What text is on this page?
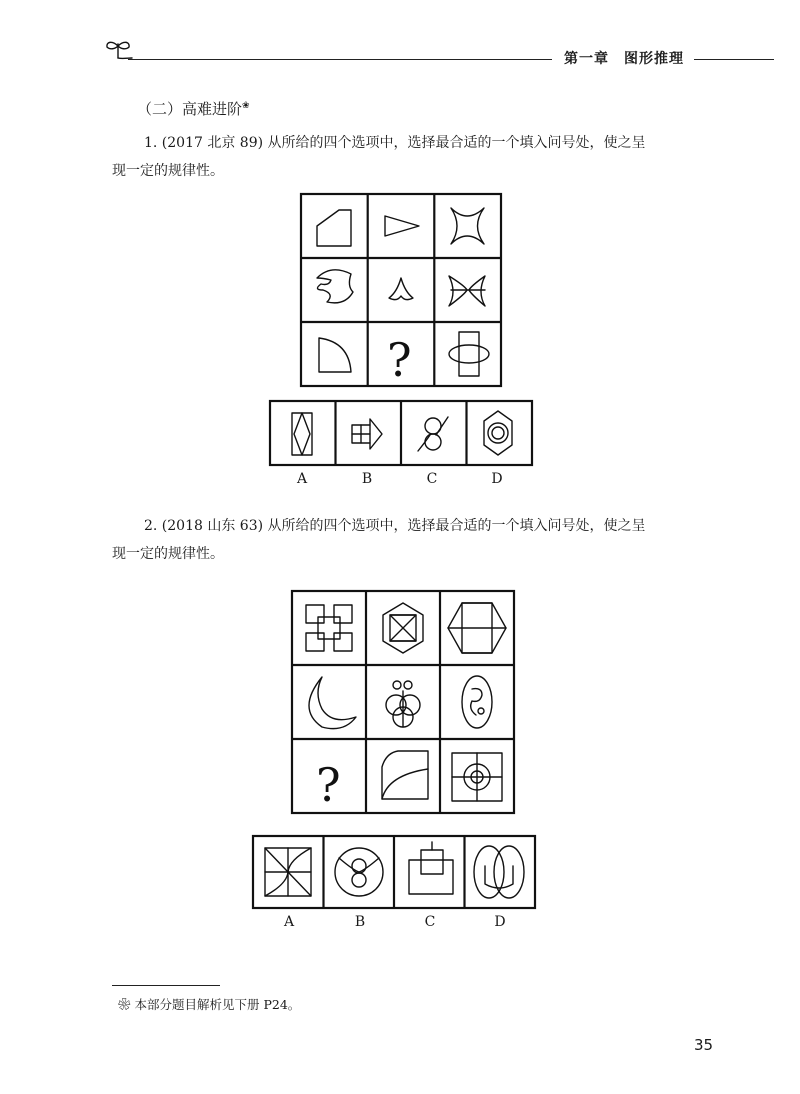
第一章 图形推理
（二）高难进阶❀
1. (2017 北京 89) 从所给的四个选项中，选择最合适的一个填入问号处，使之呈
现一定的规律性。
?
A	B	C	D
2. (2018 山东 63) 从所给的四个选项中，选择最合适的一个填入问号处，使之呈
现一定的规律性。
?
A	B	C	D
❀ 本部分题目解析见下册 P24。
35
